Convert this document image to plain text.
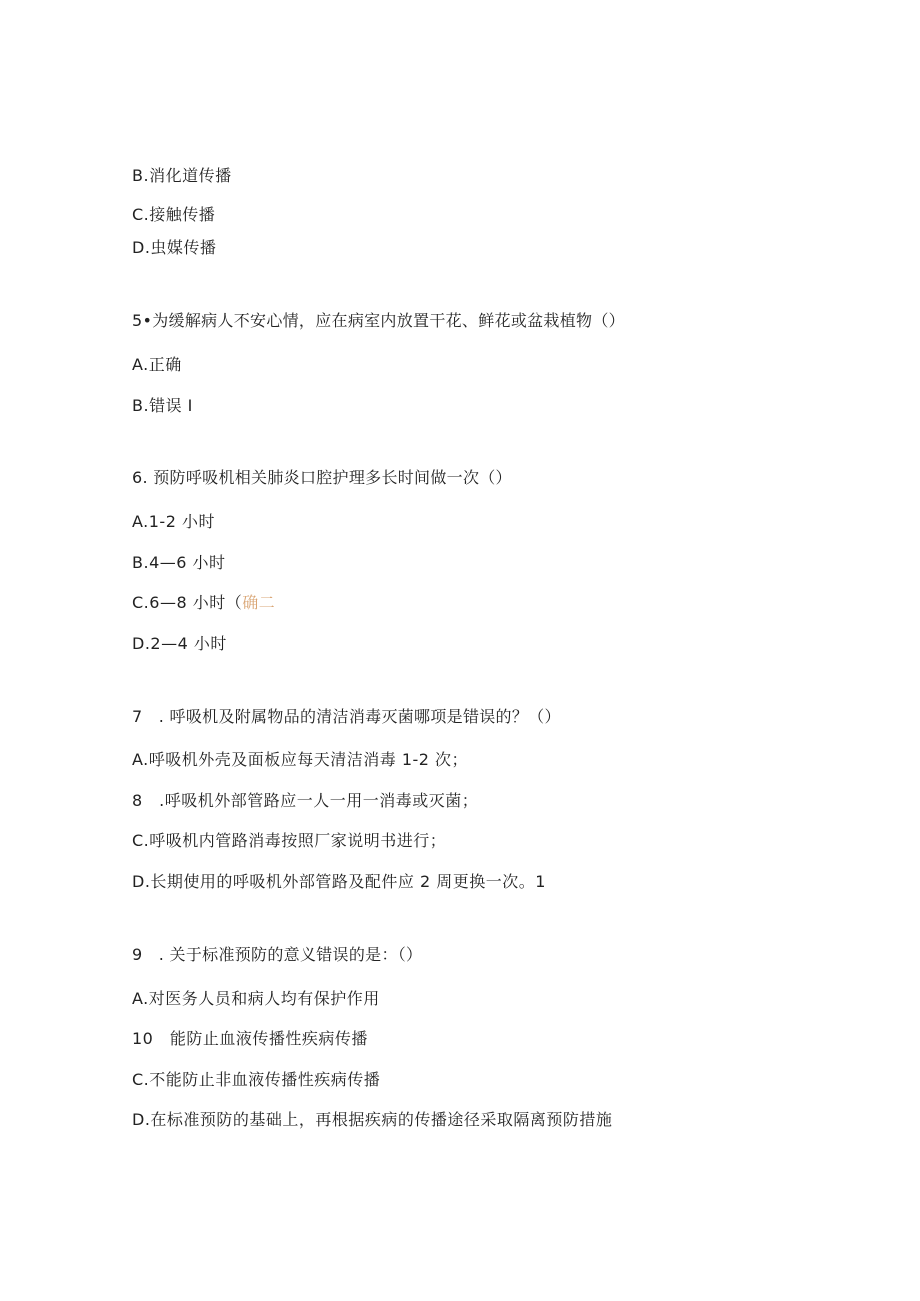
B.消化道传播
C.接触传播
D.虫媒传播
5•为缓解病人不安心情，应在病室内放置干花、鲜花或盆栽植物（）
A.正确
B.错误 I
6. 预防呼吸机相关肺炎口腔护理多长时间做一次（）
A.1-2 小时
B.4—6 小时
C.6—8 小时（确二
D.2—4 小时
7　. 呼吸机及附属物品的清洁消毒灭菌哪项是错误的？（）
A.呼吸机外壳及面板应每天清洁消毒 1-2 次；
8　.呼吸机外部管路应一人一用一消毒或灭菌；
C.呼吸机内管路消毒按照厂家说明书进行；
D.长期使用的呼吸机外部管路及配件应 2 周更换一次。1
9　. 关于标准预防的意义错误的是：（）
A.对医务人员和病人均有保护作用
10　能防止血液传播性疾病传播
C.不能防止非血液传播性疾病传播
D.在标准预防的基础上，再根据疾病的传播途径采取隔离预防措施
